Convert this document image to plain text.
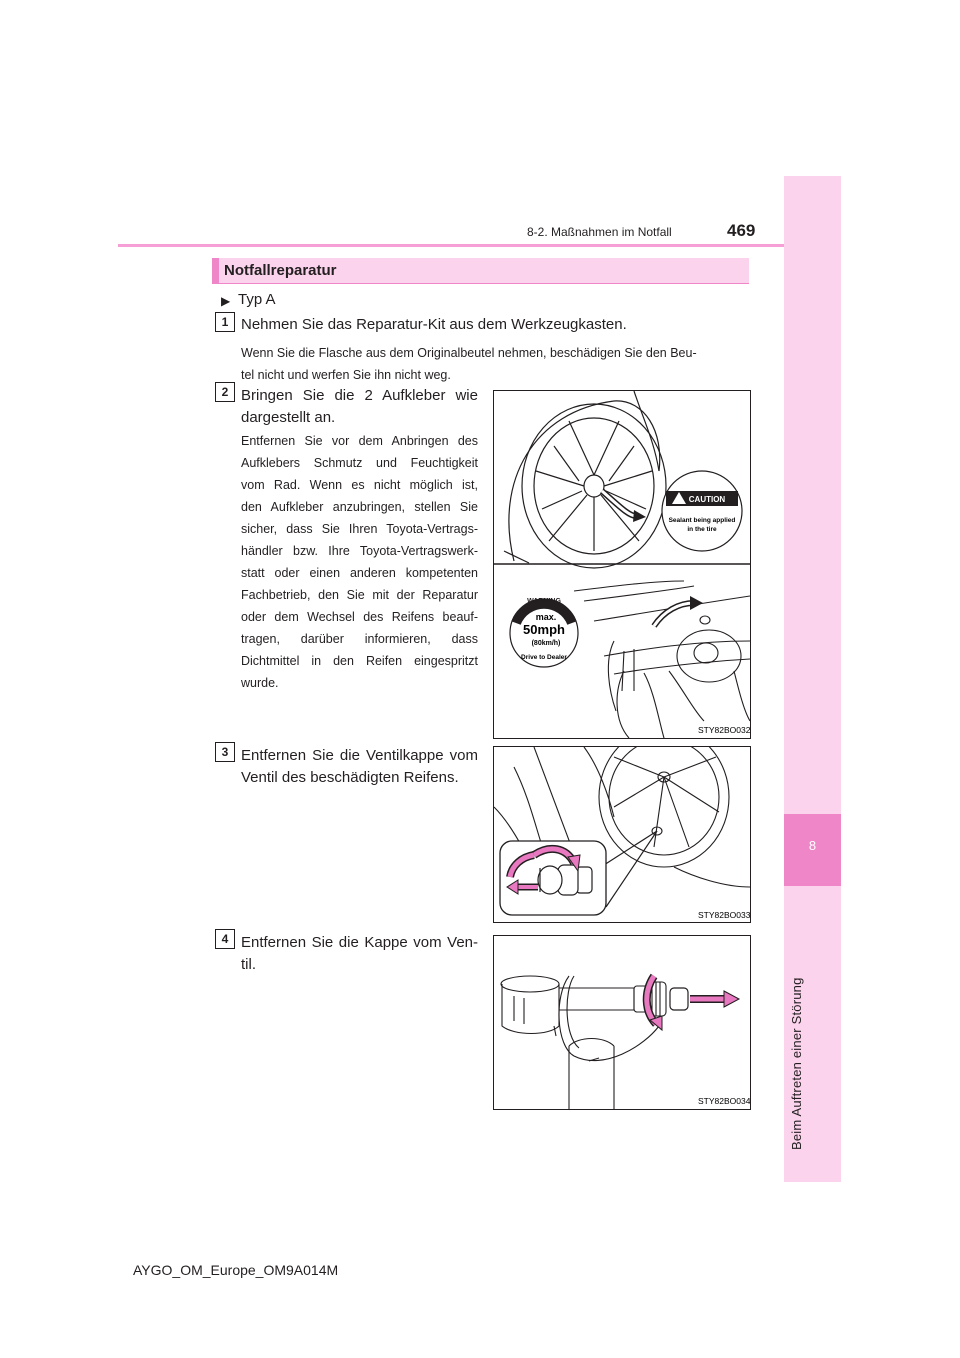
8
Beim Auftreten einer Störung
8-2. Maßnahmen im Notfall	469
Notfallreparatur
▶ Typ A
1 Nehmen Sie das Reparatur-Kit aus dem Werkzeugkasten.
Wenn Sie die Flasche aus dem Originalbeutel nehmen, beschädigen Sie den Beu-
tel nicht und werfen Sie ihn nicht weg.
2 Bringen Sie die 2 Aufkleber wie
dargestellt an.
Entfernen Sie vor dem Anbringen des
Aufklebers Schmutz und Feuchtigkeit
vom Rad. Wenn es nicht möglich ist,
den Aufkleber anzubringen, stellen Sie
sicher, dass Sie Ihren Toyota-Vertrags-
händler bzw. Ihre Toyota-Vertragswerk-
statt oder einen anderen kompetenten
Fachbetrieb, den Sie mit der Reparatur
oder dem Wechsel des Reifens beauf-
tragen, darüber informieren, dass
Dichtmittel in den Reifen eingespritzt
wurde.
CAUTION
Sealant being applied
in the tire
WARNING
max.
50mph
(80km/h)
Drive to Dealer
STY82BO032
3 Entfernen Sie die Ventilkappe vom
Ventil des beschädigten Reifens.
STY82BO033
4 Entfernen Sie die Kappe vom Ven-
til.
STY82BO034
AYGO_OM_Europe_OM9A014M
